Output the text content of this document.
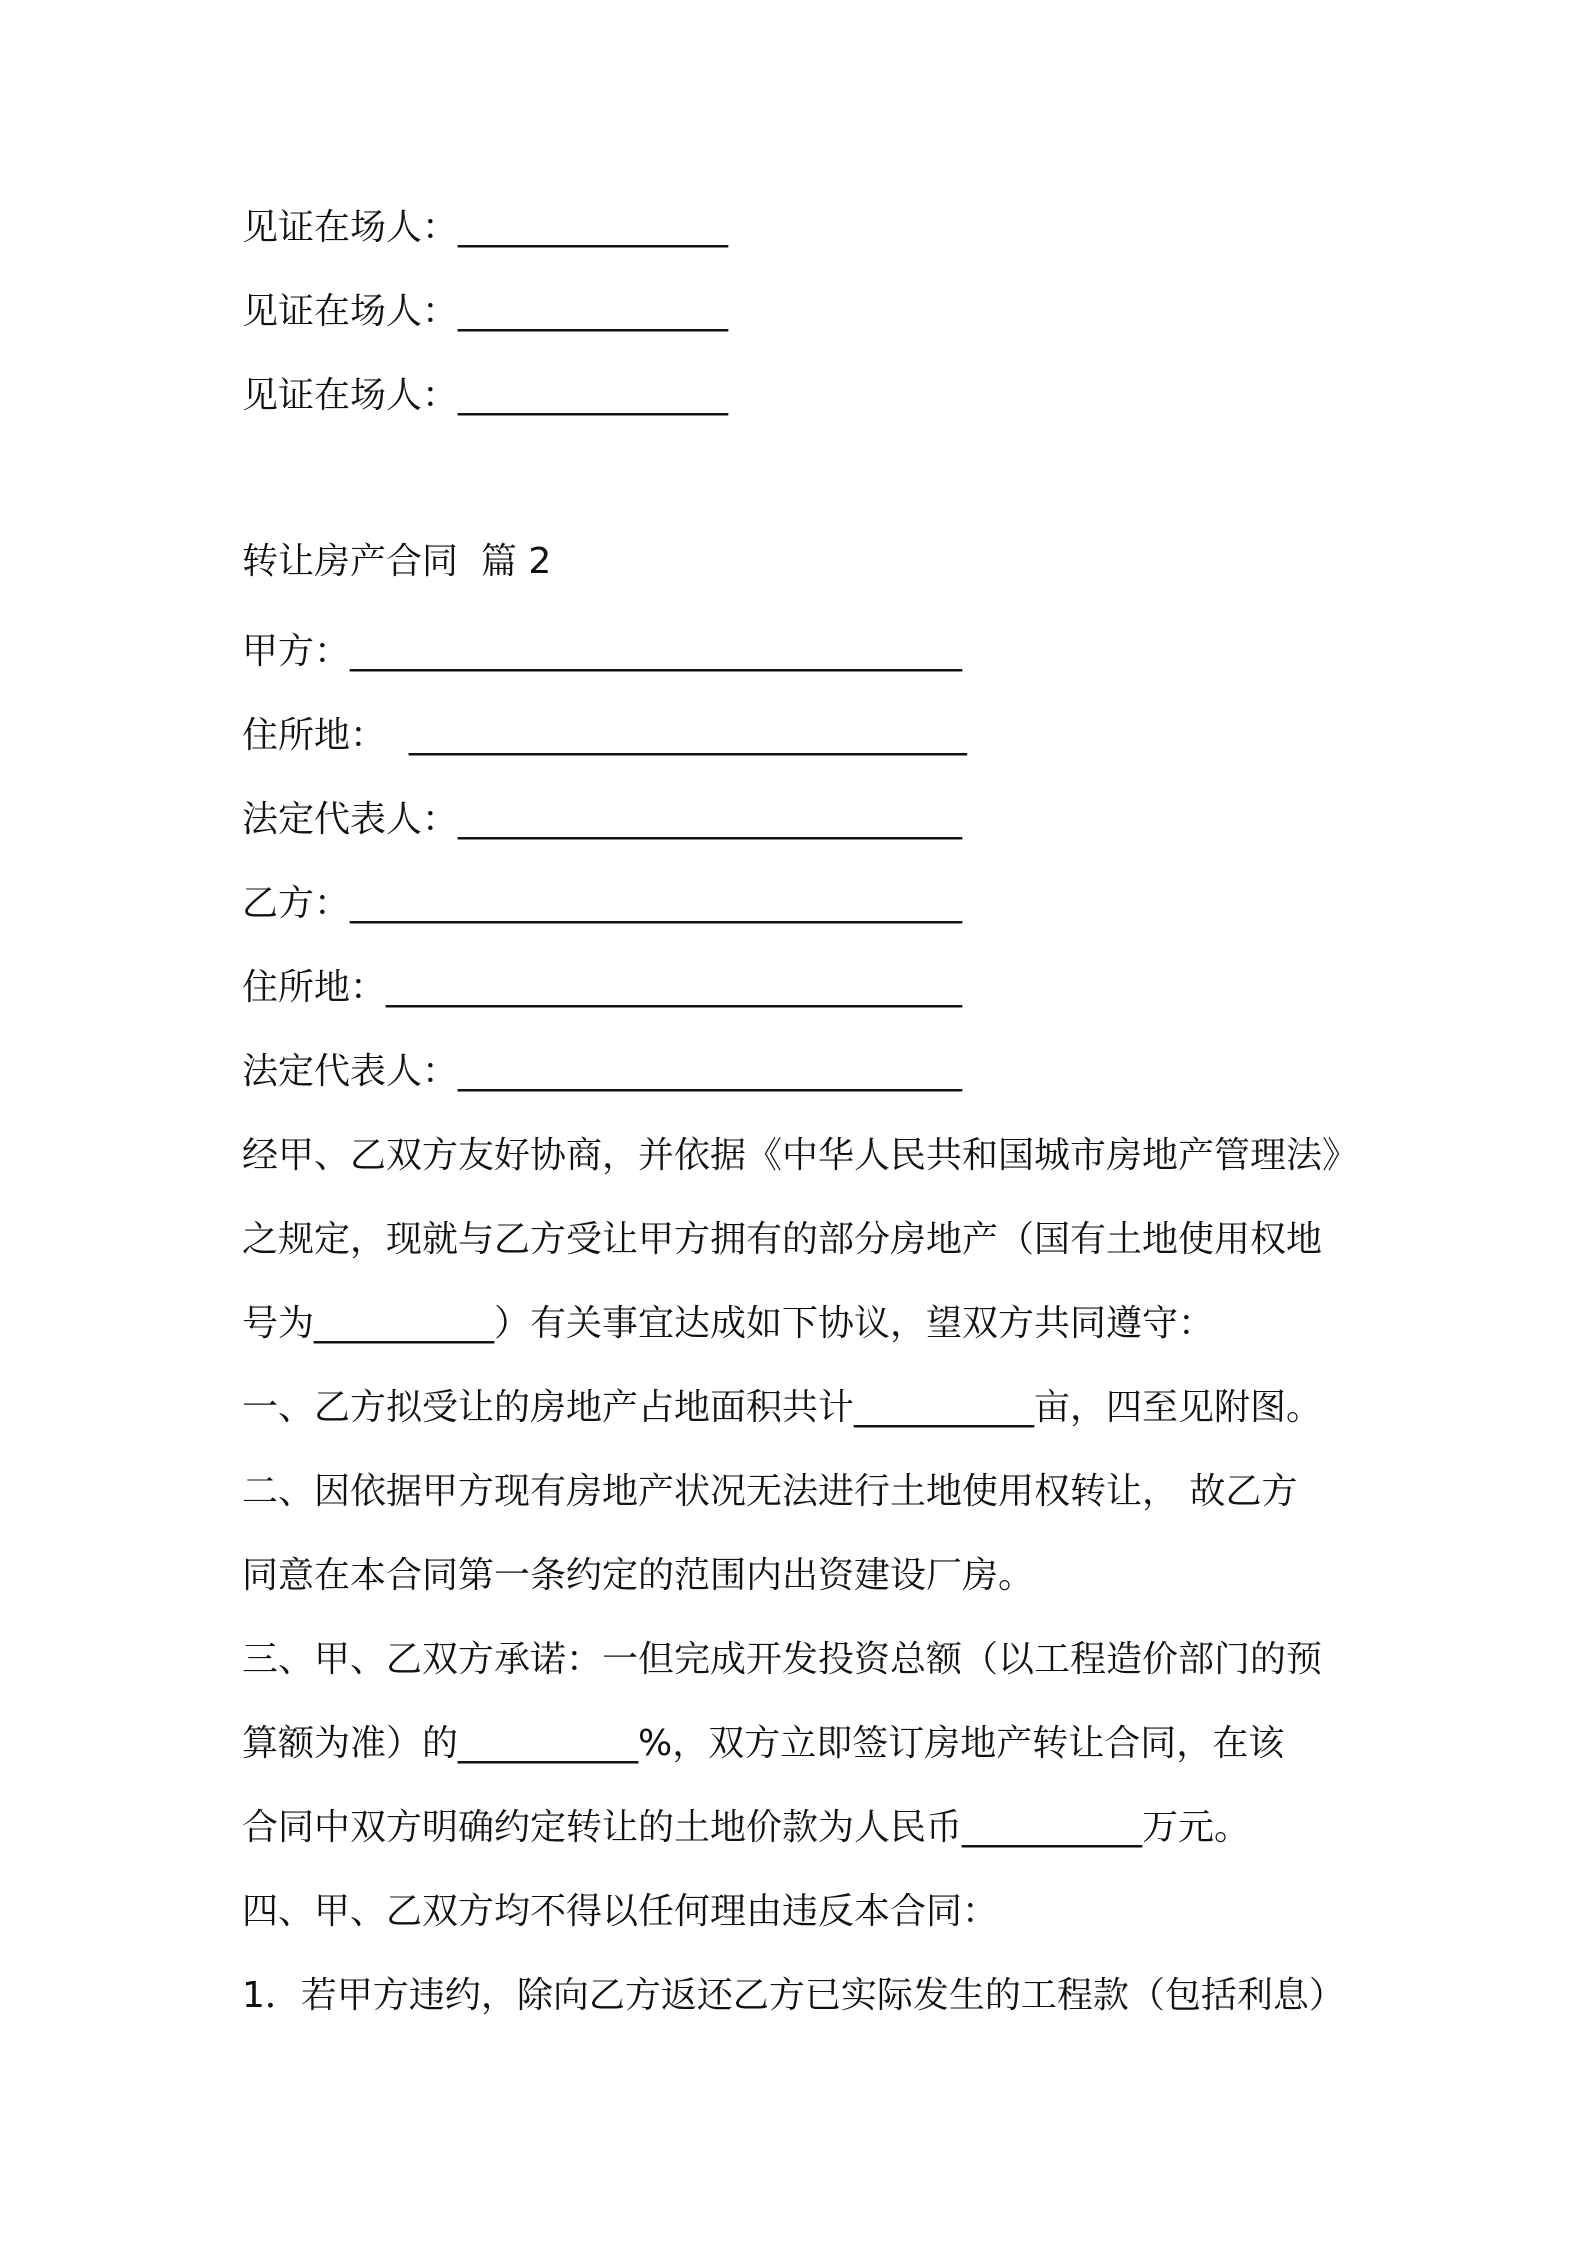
见证在场人：_______________
见证在场人：_______________
见证在场人：_______________
转让房产合同  篇 2
甲方：__________________________________
住所地：  _______________________________
法定代表人：____________________________
乙方：__________________________________
住所地：________________________________
法定代表人：____________________________
经甲、乙双方友好协商，并依据《中华人民共和国城市房地产管理法》
之规定，现就与乙方受让甲方拥有的部分房地产（国有土地使用权地
号为__________）有关事宜达成如下协议，望双方共同遵守：
一、乙方拟受让的房地产占地面积共计__________亩，四至见附图。
二、因依据甲方现有房地产状况无法进行土地使用权转让， 故乙方
同意在本合同第一条约定的范围内出资建设厂房。
三、甲、乙双方承诺：一但完成开发投资总额（以工程造价部门的预
算额为准）的__________%，双方立即签订房地产转让合同，在该
合同中双方明确约定转让的土地价款为人民币__________万元。
四、甲、乙双方均不得以任何理由违反本合同：
1．若甲方违约，除向乙方返还乙方已实际发生的工程款（包括利息）
